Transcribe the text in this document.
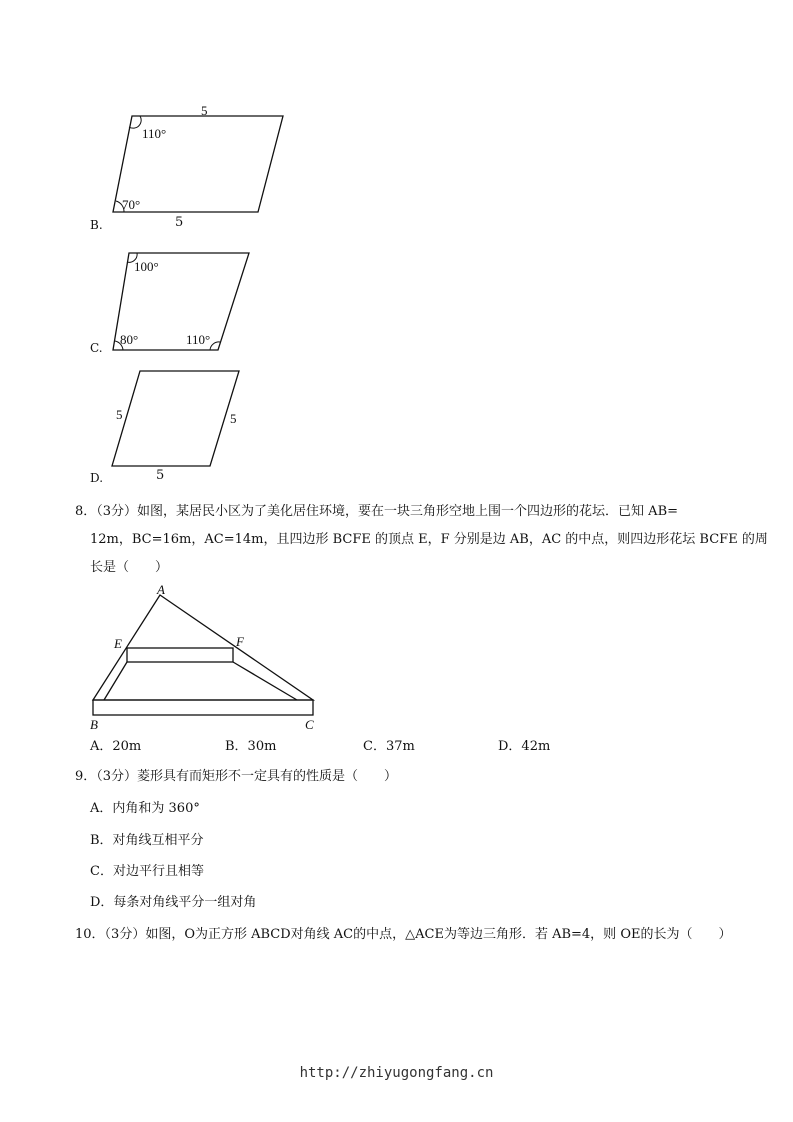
5
110°
70°
5
B.
100°
80°	110°
C.
5	5
5
D.
8．（3分）如图，某居民小区为了美化居住环境，要在一块三角形空地上围一个四边形的花坛．已知 AB=
12m，BC=16m，AC=14m，且四边形 BCFE 的顶点 E，F 分别是边 AB，AC 的中点，则四边形花坛 BCFE 的周
长是（　　）
A
E	F
B	C
A．20m	B．30m	C．37m	D．42m
9．（3分）菱形具有而矩形不一定具有的性质是（　　）
A．内角和为 360°
B．对角线互相平分
C．对边平行且相等
D．每条对角线平分一组对角
10．（3分）如图，O为正方形 ABCD对角线 AC的中点，△ACE为等边三角形．若 AB=4，则 OE的长为（　　）
http://zhiyugongfang.cn
